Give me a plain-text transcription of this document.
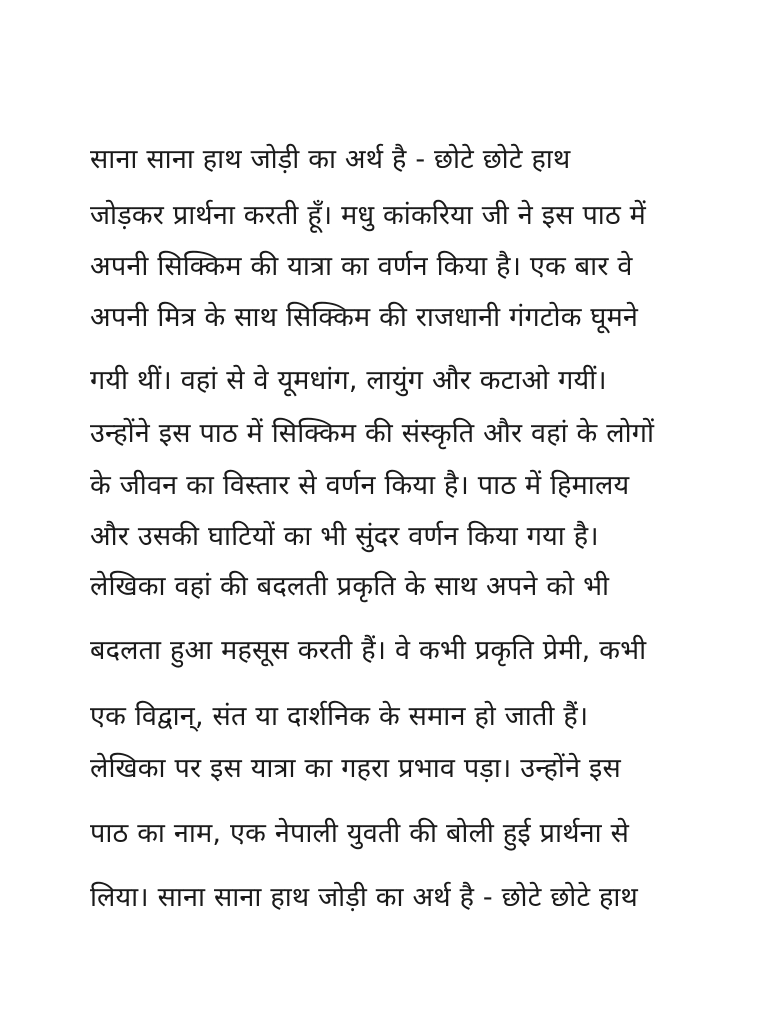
साना साना हाथ जोड़ी का अर्थ है - छोटे छोटे हाथ
जोड़कर प्रार्थना करती हूँ। मधु कांकरिया जी ने इस पाठ में
अपनी सिक्किम की यात्रा का वर्णन किया है। एक बार वे
अपनी मित्र के साथ सिक्किम की राजधानी गंगटोक घूमने
गयी थीं। वहां से वे यूमधांग, लायुंग और कटाओ गयीं।
उन्होंने इस पाठ में सिक्किम की संस्कृति और वहां के लोगों
के जीवन का विस्तार से वर्णन किया है। पाठ में हिमालय
और उसकी घाटियों का भी सुंदर वर्णन किया गया है।
लेखिका वहां की बदलती प्रकृति के साथ अपने को भी
बदलता हुआ महसूस करती हैं। वे कभी प्रकृति प्रेमी, कभी
एक विद्वान्, संत या दार्शनिक के समान हो जाती हैं।
लेखिका पर इस यात्रा का गहरा प्रभाव पड़ा। उन्होंने इस
पाठ का नाम, एक नेपाली युवती की बोली हुई प्रार्थना से
लिया। साना साना हाथ जोड़ी का अर्थ है - छोटे छोटे हाथ
